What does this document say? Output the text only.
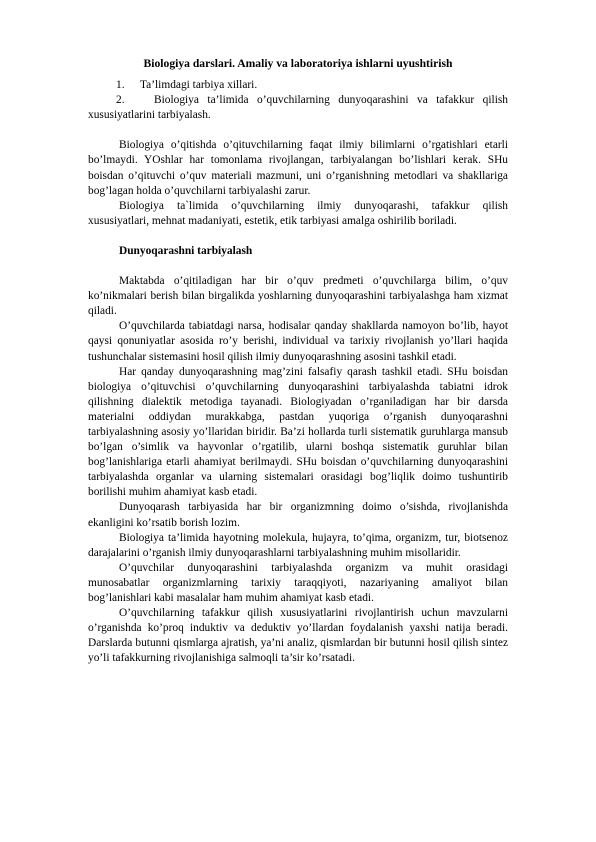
Biologiya darslari. Amaliy va laboratoriya ishlarni uyushtirish
1.	Ta’limdagi tarbiya xillari.
2.	Biologiya ta’limida o’quvchilarning dunyoqarashini va tafakkur qilish xususiyatlarini tarbiyalash.

Biologiya o’qitishda o’qituvchilarning faqat ilmiy bilimlarni o’rgatishlari etarli bo’lmaydi. YOshlar har tomonlama rivojlangan, tarbiyalangan bo’lishlari kerak. SHu boisdan o’qituvchi o’quv materiali mazmuni, uni o’rganishning metodlari va shakllariga bog’lagan holda o’quvchilarni tarbiyalashi zarur.

Biologiya ta`limida o’quvchilarning ilmiy dunyoqarashi, tafakkur qilish xususiyatlari, mehnat madaniyati, estetik, etik tarbiyasi amalga oshirilib boriladi.

Dunyoqarashni tarbiyalash

Maktabda o’qitiladigan har bir o’quv predmeti o’quvchilarga bilim, o’quv ko’nikmalari berish bilan birgalikda yoshlarning dunyoqarashini tarbiyalashga ham xizmat qiladi.

O’quvchilarda tabiatdagi narsa, hodisalar qanday shakllarda namoyon bo’lib, hayot qaysi qonuniyatlar asosida ro’y berishi, individual va tarixiy rivojlanish yo’llari haqida tushunchalar sistemasini hosil qilish ilmiy dunyoqarashning asosini tashkil etadi.

Har qanday dunyoqarashning mag’zini falsafiy qarash tashkil etadi. SHu boisdan biologiya o’qituvchisi o’quvchilarning dunyoqarashini tarbiyalashda tabiatni idrok qilishning dialektik metodiga tayanadi. Biologiyadan o’rganiladigan har bir darsda materialni oddiydan murakkabga, pastdan yuqoriga o’rganish dunyoqarashni tarbiyalashning asosiy yo’llaridan biridir. Ba’zi hollarda turli sistematik guruhlarga mansub bo’lgan o’simlik va hayvonlar o’rgatilib, ularni boshqa sistematik guruhlar bilan bog’lanishlariga etarli ahamiyat berilmaydi. SHu boisdan o’quvchilarning dunyoqarashini tarbiyalashda organlar va ularning sistemalari orasidagi bog’liqlik doimo tushuntirib borilishi muhim ahamiyat kasb etadi.

Dunyoqarash tarbiyasida har bir organizmning doimo o’sishda, rivojlanishda ekanligini ko’rsatib borish lozim.

Biologiya ta’limida hayotning molekula, hujayra, to’qima, organizm, tur, biotsenoz darajalarini o’rganish ilmiy dunyoqarashlarni tarbiyalashning muhim misollaridir.

O’quvchilar dunyoqarashini tarbiyalashda organizm va muhit orasidagi munosabatlar organizmlarning tarixiy taraqqiyoti, nazariyaning amaliyot bilan bog’lanishlari kabi masalalar ham muhim ahamiyat kasb etadi.

O’quvchilarning tafakkur qilish xususiyatlarini rivojlantirish uchun mavzularni o’rganishda ko’proq induktiv va deduktiv yo’llardan foydalanish yaxshi natija beradi. Darslarda butunni qismlarga ajratish, ya’ni analiz, qismlardan bir butunni hosil qilish sintez yo’li tafakkurning rivojlanishiga salmoqli ta’sir ko’rsatadi.
